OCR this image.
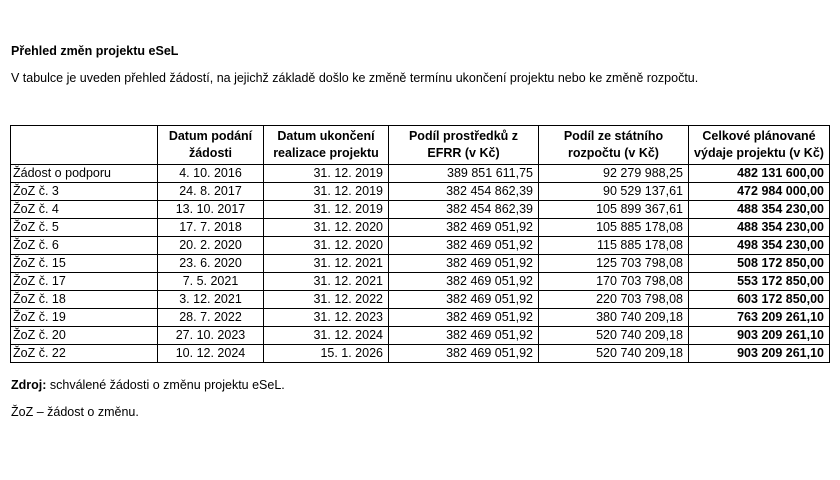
Přehled změn projektu eSeL
V tabulce je uveden přehled žádostí, na jejichž základě došlo ke změně termínu ukončení projektu nebo ke změně rozpočtu.
	Datum podání žádosti	Datum ukončení realizace projektu	Podíl prostředků z EFRR (v Kč)	Podíl ze státního rozpočtu (v Kč)	Celkové plánované výdaje projektu (v Kč)
Žádost o podporu	4. 10. 2016	31. 12. 2019	389 851 611,75	92 279 988,25	482 131 600,00
ŽoZ č. 3	24. 8. 2017	31. 12. 2019	382 454 862,39	90 529 137,61	472 984 000,00
ŽoZ č. 4	13. 10. 2017	31. 12. 2019	382 454 862,39	105 899 367,61	488 354 230,00
ŽoZ č. 5	17. 7. 2018	31. 12. 2020	382 469 051,92	105 885 178,08	488 354 230,00
ŽoZ č. 6	20. 2. 2020	31. 12. 2020	382 469 051,92	115 885 178,08	498 354 230,00
ŽoZ č. 15	23. 6. 2020	31. 12. 2021	382 469 051,92	125 703 798,08	508 172 850,00
ŽoZ č. 17	7. 5. 2021	31. 12. 2021	382 469 051,92	170 703 798,08	553 172 850,00
ŽoZ č. 18	3. 12. 2021	31. 12. 2022	382 469 051,92	220 703 798,08	603 172 850,00
ŽoZ č. 19	28. 7. 2022	31. 12. 2023	382 469 051,92	380 740 209,18	763 209 261,10
ŽoZ č. 20	27. 10. 2023	31. 12. 2024	382 469 051,92	520 740 209,18	903 209 261,10
ŽoZ č. 22	10. 12. 2024	15. 1. 2026	382 469 051,92	520 740 209,18	903 209 261,10
Zdroj: schválené žádosti o změnu projektu eSeL.
ŽoZ – žádost o změnu.
